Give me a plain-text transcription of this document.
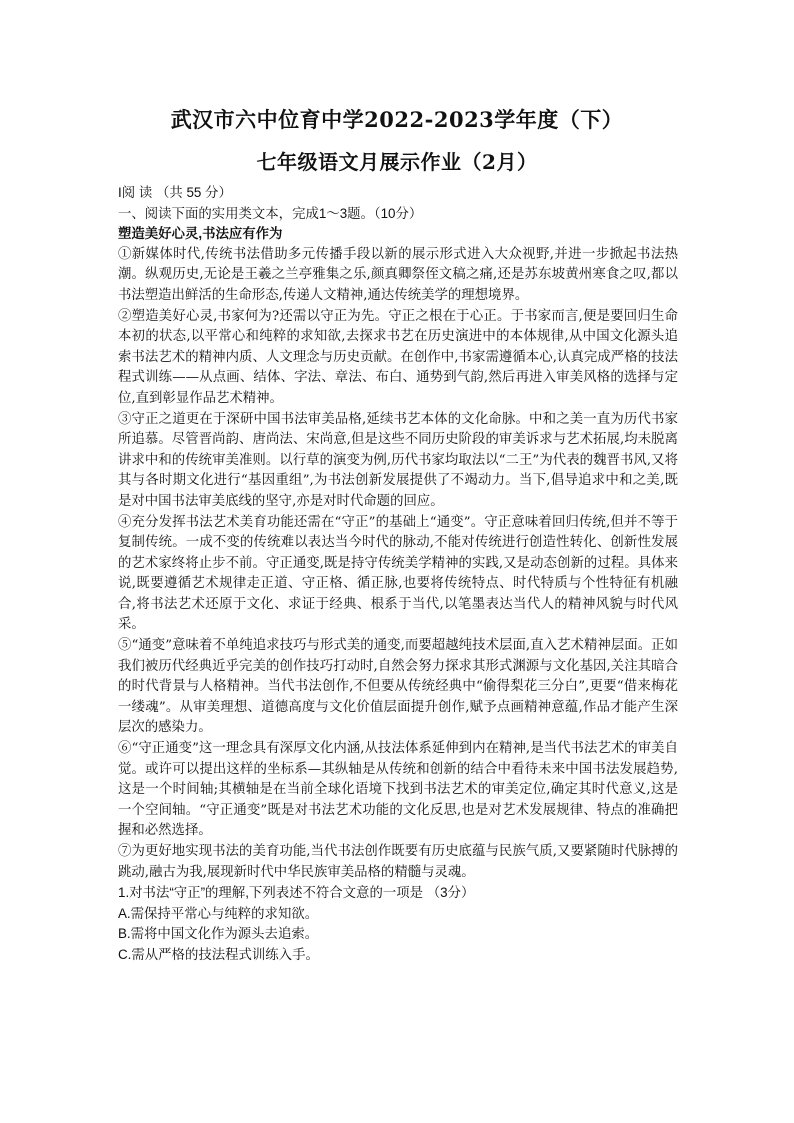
武汉市六中位育中学2022-2023学年度（下）
七年级语文月展示作业（2月）

I阅 读 （共 55 分）

一、阅读下面的实用类文本，完成1～3题。（10分）

塑造美好心灵,书法应有作为

①新媒体时代,传统书法借助多元传播手段以新的展示形式进入大众视野,并进一步掀起书法热潮。纵观历史,无论是王羲之兰亭雅集之乐,颜真卿祭侄文稿之痛,还是苏东坡黄州寒食之叹,都以书法塑造出鲜活的生命形态,传递人文精神,通达传统美学的理想境界。

②塑造美好心灵,书家何为?还需以守正为先。守正之根在于心正。于书家而言,便是要回归生命本初的状态,以平常心和纯粹的求知欲,去探求书艺在历史演进中的本体规律,从中国文化源头追索书法艺术的精神内质、人文理念与历史贡献。在创作中,书家需遵循本心,认真完成严格的技法程式训练——从点画、结体、字法、章法、布白、通势到气韵,然后再进入审美风格的选择与定位,直到彰显作品艺术精神。

③守正之道更在于深研中国书法审美品格,延续书艺本体的文化命脉。中和之美一直为历代书家所追慕。尽管晋尚韵、唐尚法、宋尚意,但是这些不同历史阶段的审美诉求与艺术拓展,均未脱离讲求中和的传统审美准则。以行草的演变为例,历代书家均取法以“二王”为代表的魏晋书风,又将其与各时期文化进行“基因重组”,为书法创新发展提供了不竭动力。当下,倡导追求中和之美,既是对中国书法审美底线的坚守,亦是对时代命题的回应。

④充分发挥书法艺术美育功能还需在“守正”的基础上“通变”。守正意味着回归传统,但并不等于复制传统。一成不变的传统难以表达当今时代的脉动,不能对传统进行创造性转化、创新性发展的艺术家终将止步不前。守正通变,既是持守传统美学精神的实践,又是动态创新的过程。具体来说,既要遵循艺术规律走正道、守正格、循正脉,也要将传统特点、时代特质与个性特征有机融合,将书法艺术还原于文化、求证于经典、根系于当代,以笔墨表达当代人的精神风貌与时代风采。

⑤“通变”意味着不单纯追求技巧与形式美的通变,而要超越纯技术层面,直入艺术精神层面。正如我们被历代经典近乎完美的创作技巧打动时,自然会努力探求其形式渊源与文化基因,关注其暗合的时代背景与人格精神。当代书法创作,不但要从传统经典中“偷得梨花三分白”,更要“借来梅花一缕魂”。从审美理想、道德高度与文化价值层面提升创作,赋予点画精神意蕴,作品才能产生深层次的感染力。

⑥“守正通变”这一理念具有深厚文化内涵,从技法体系延伸到内在精神,是当代书法艺术的审美自觉。或许可以提出这样的坐标系—其纵轴是从传统和创新的结合中看待未来中国书法发展趋势,这是一个时间轴;其横轴是在当前全球化语境下找到书法艺术的审美定位,确定其时代意义,这是一个空间轴。“守正通变”既是对书法艺术功能的文化反思,也是对艺术发展规律、特点的准确把握和必然选择。

⑦为更好地实现书法的美育功能,当代书法创作既要有历史底蕴与民族气质,又要紧随时代脉搏的跳动,融古为我,展现新时代中华民族审美品格的精髓与灵魂。

1.对书法“守正”的理解,下列表述不符合文意的一项是 （3分）

A.需保持平常心与纯粹的求知欲。

B.需将中国文化作为源头去追索。

C.需从严格的技法程式训练入手。
